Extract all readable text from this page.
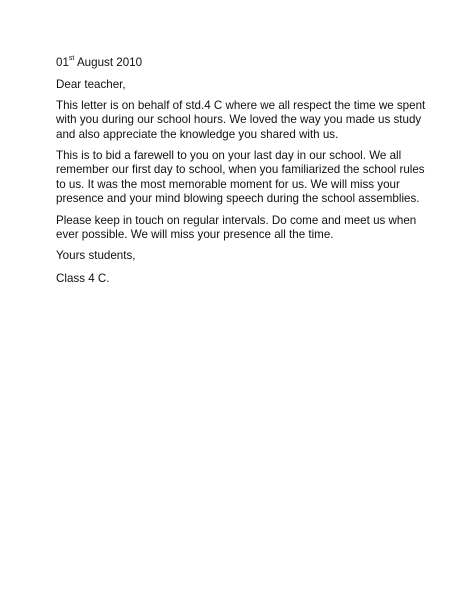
01st August 2010

Dear teacher,

This letter is on behalf of std.4 C where we all respect the time we spent with you during our school hours. We loved the way you made us study and also appreciate the knowledge you shared with us.

This is to bid a farewell to you on your last day in our school. We all remember our first day to school, when you familiarized the school rules to us. It was the most memorable moment for us. We will miss your presence and your mind blowing speech during the school assemblies.

Please keep in touch on regular intervals. Do come and meet us when ever possible. We will miss your presence all the time.

Yours students,

Class 4 C.
